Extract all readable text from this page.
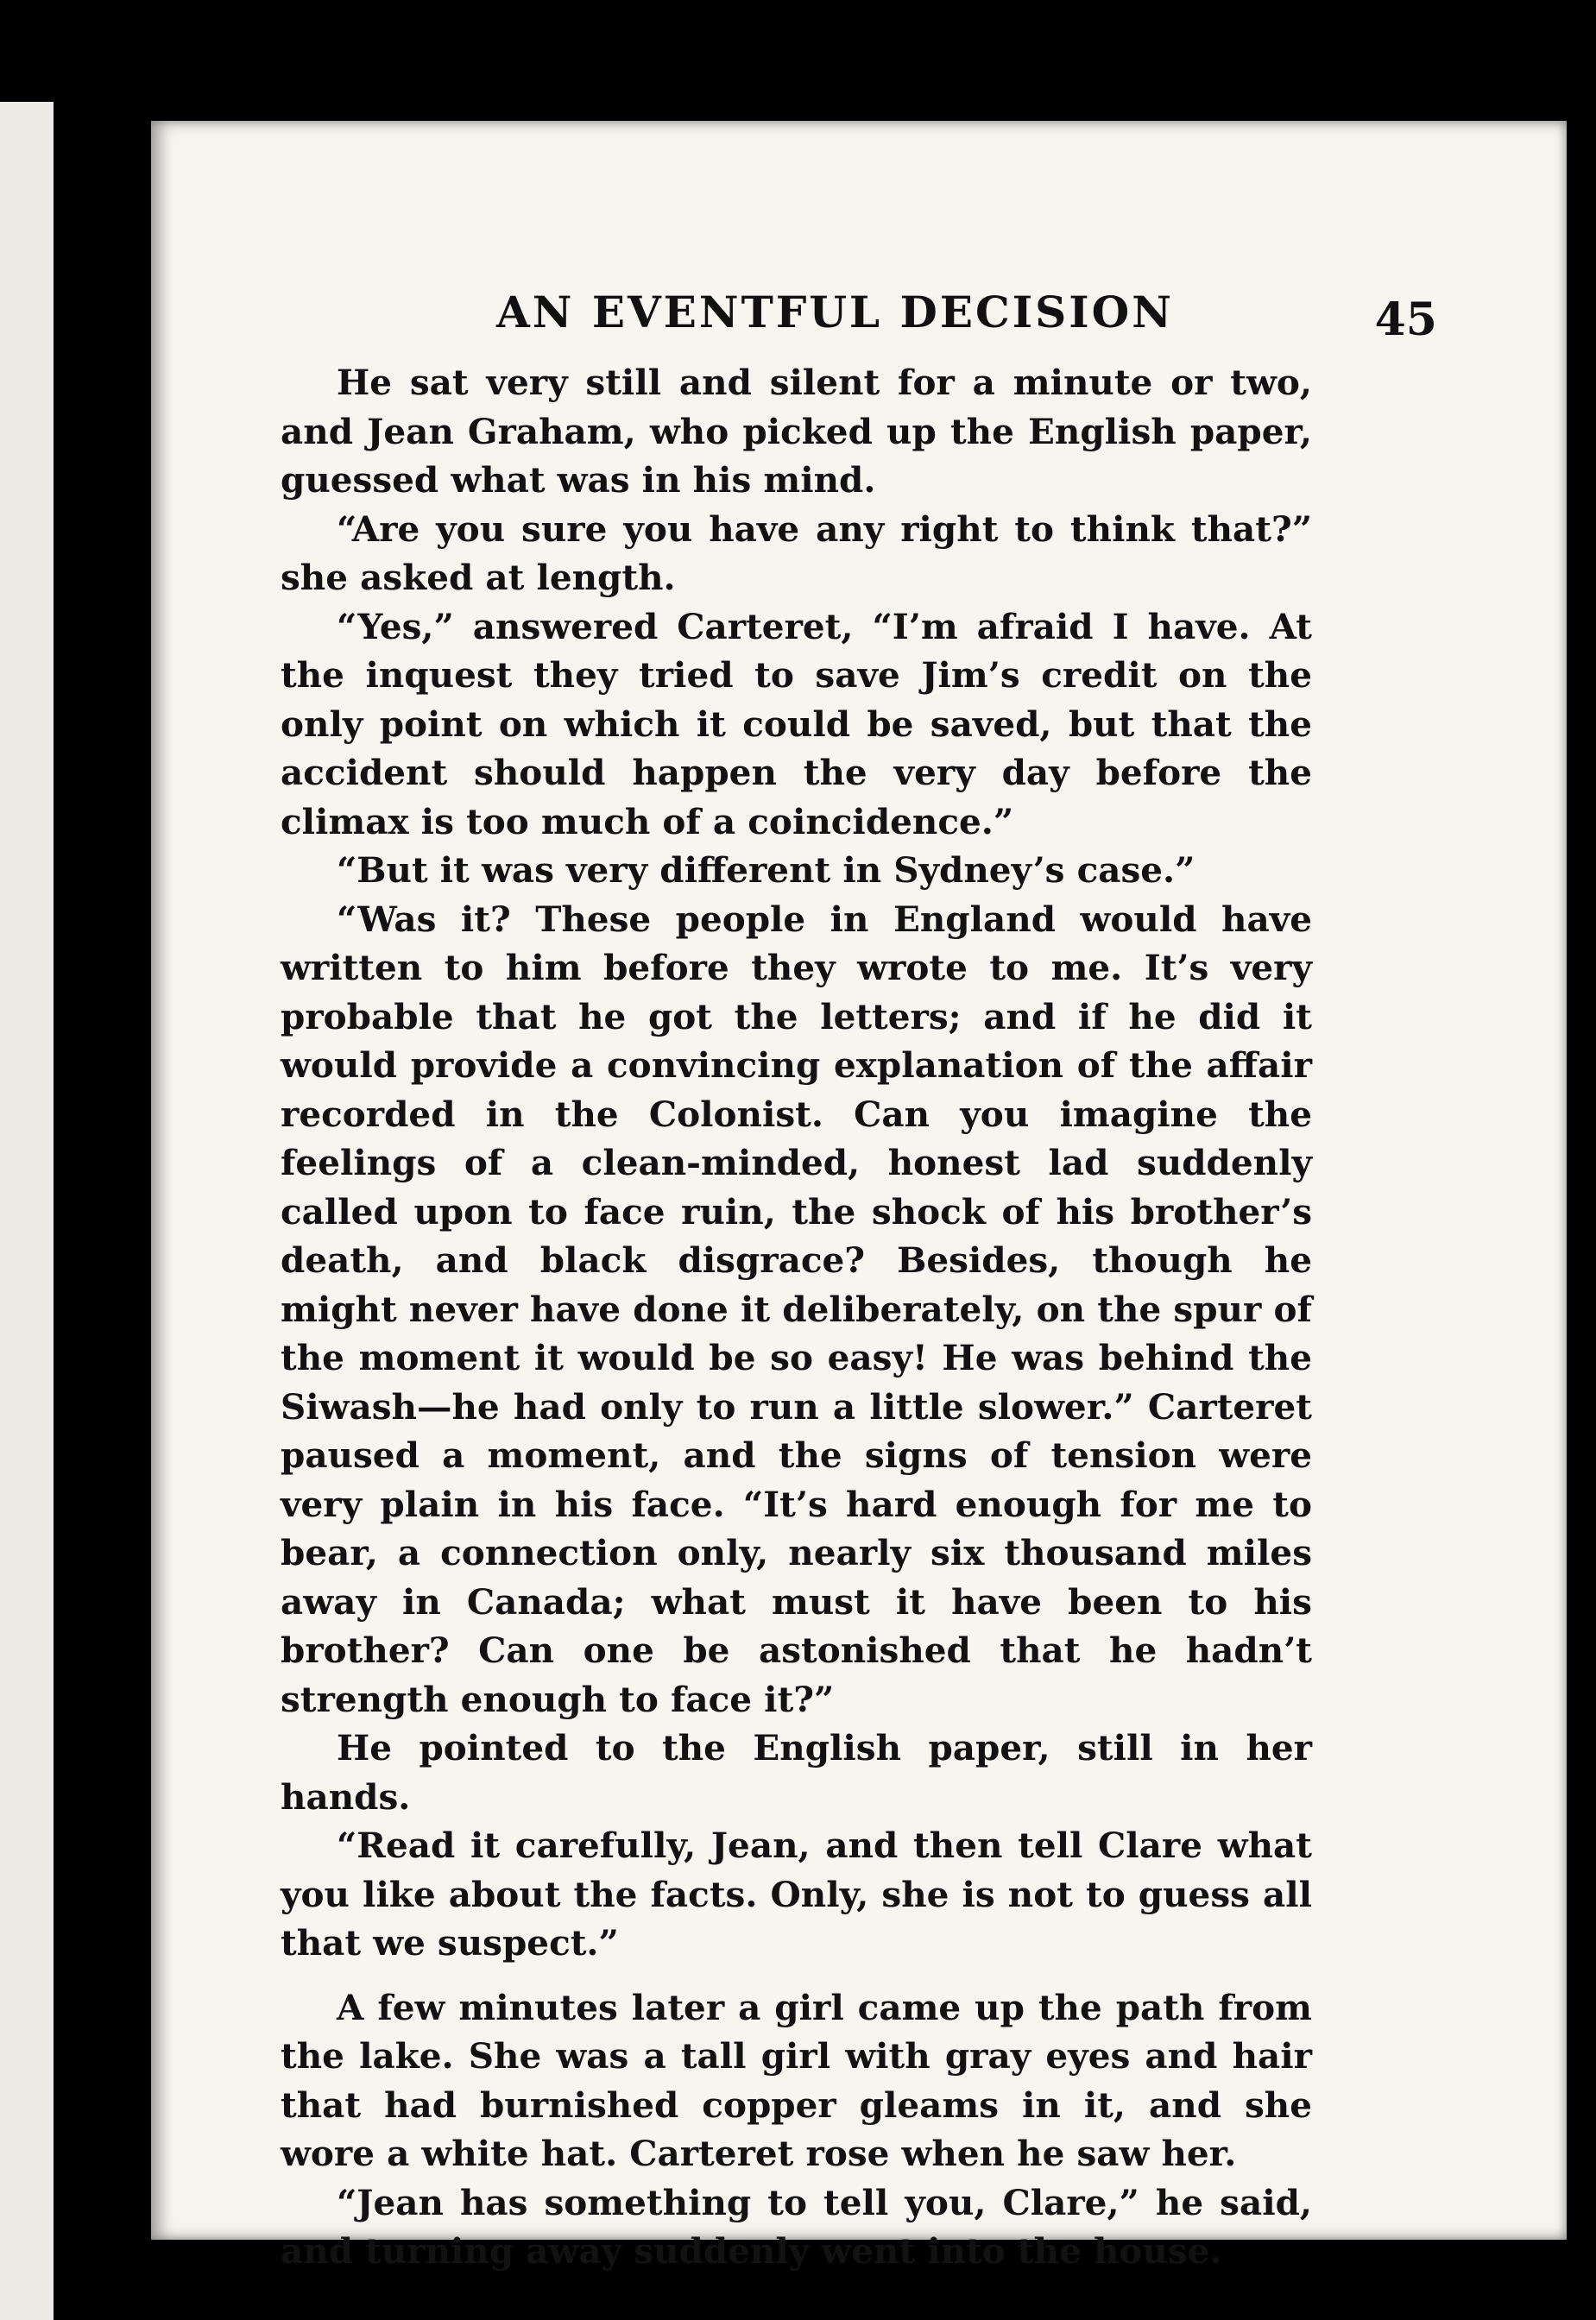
AN EVENTFUL DECISION	45

He sat very still and silent for a minute or two, and Jean Graham, who picked up the English paper, guessed what was in his mind.

“Are you sure you have any right to think that?” she asked at length.

“Yes,” answered Carteret, “I’m afraid I have. At the inquest they tried to save Jim’s credit on the only point on which it could be saved, but that the accident should happen the very day before the climax is too much of a coincidence.”

“But it was very different in Sydney’s case.”

“Was it? These people in England would have written to him before they wrote to me. It’s very probable that he got the letters; and if he did it would provide a convincing explanation of the affair recorded in the Colonist. Can you imagine the feelings of a clean-minded, honest lad suddenly called upon to face ruin, the shock of his brother’s death, and black disgrace? Besides, though he might never have done it deliberately, on the spur of the moment it would be so easy! He was behind the Siwash—he had only to run a little slower.” Carteret paused a moment, and the signs of tension were very plain in his face. “It’s hard enough for me to bear, a connection only, nearly six thousand miles away in Canada; what must it have been to his brother? Can one be astonished that he hadn’t strength enough to face it?”

He pointed to the English paper, still in her hands.

“Read it carefully, Jean, and then tell Clare what you like about the facts. Only, she is not to guess all that we suspect.”

A few minutes later a girl came up the path from the lake. She was a tall girl with gray eyes and hair that had burnished copper gleams in it, and she wore a white hat. Carteret rose when he saw her.

“Jean has something to tell you, Clare,” he said, and turning away suddenly went into the house.
